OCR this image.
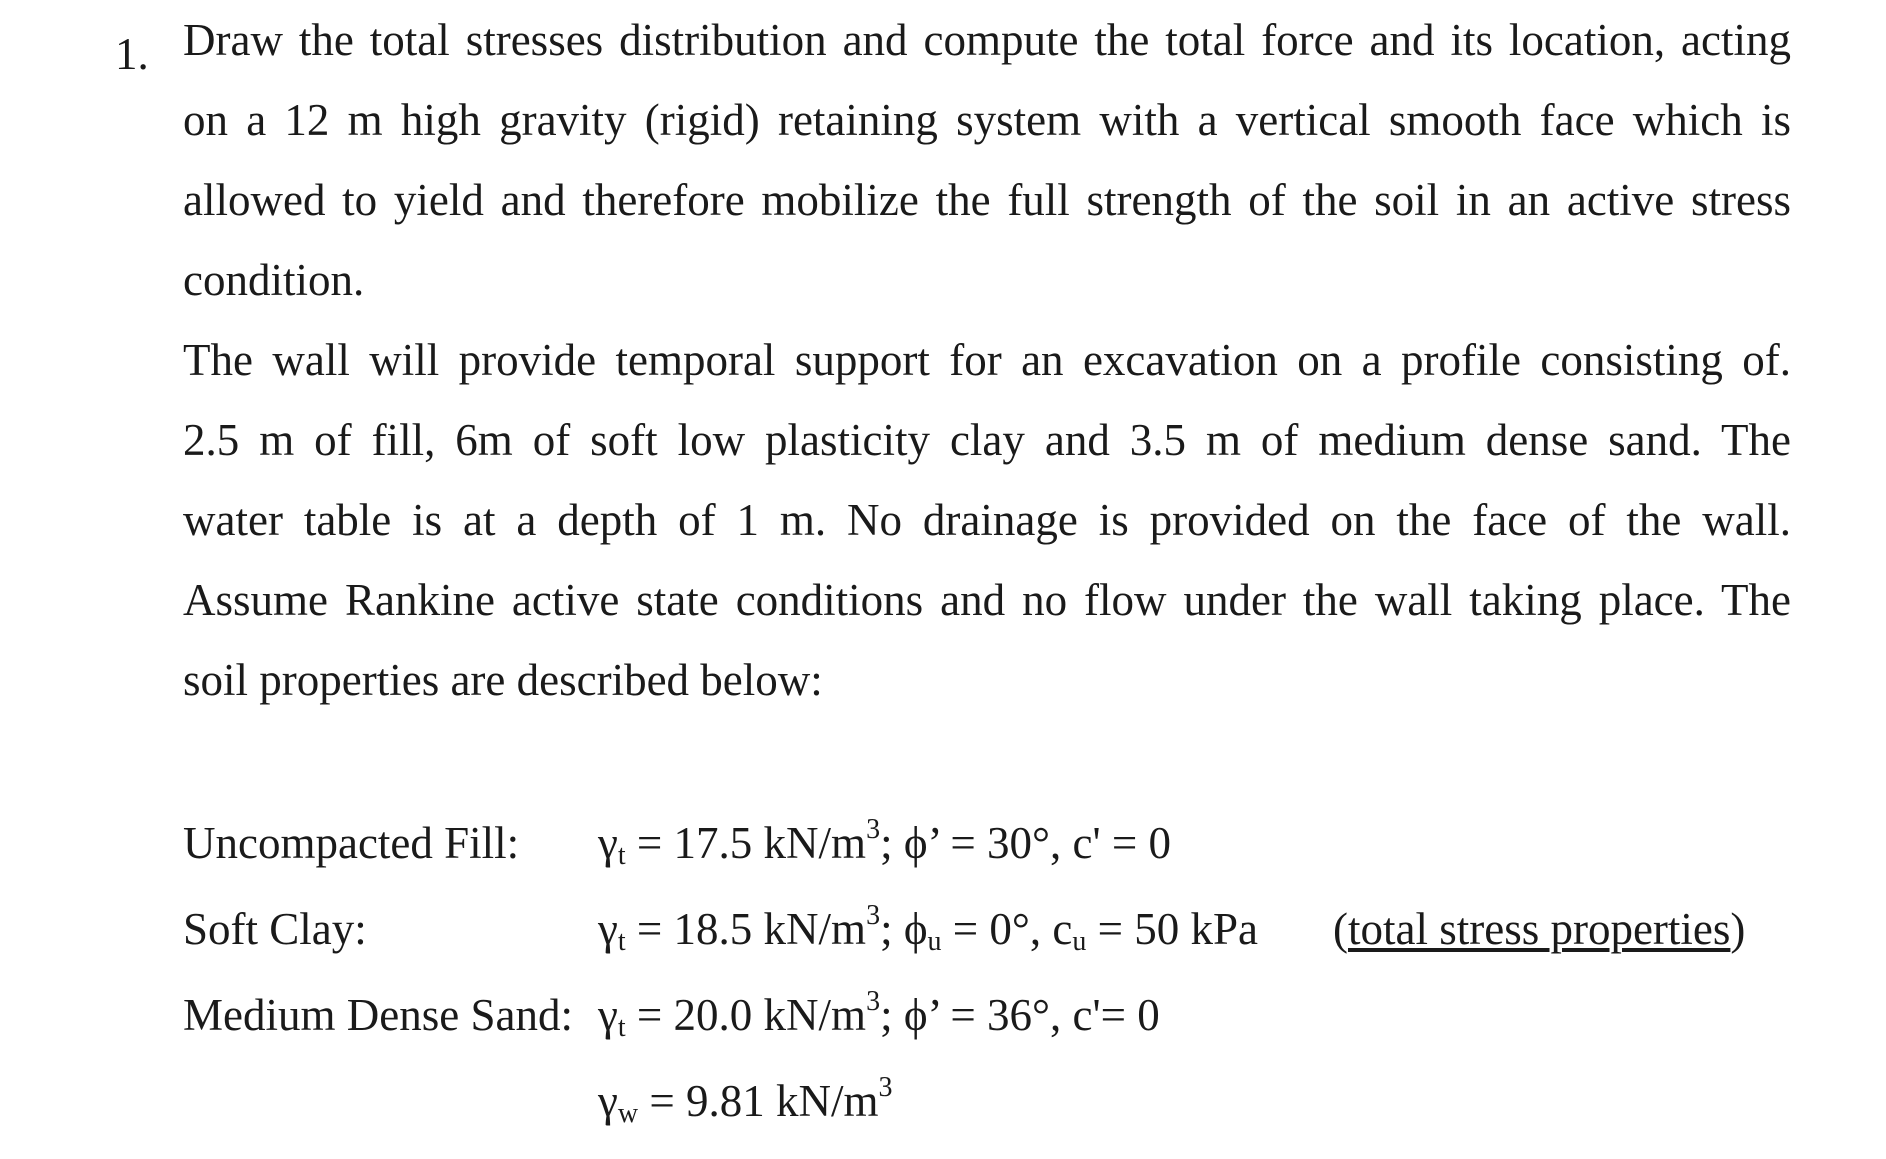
1. Draw the total stresses distribution and compute the total force and its location, acting
on a 12 m high gravity (rigid) retaining system with a vertical smooth face which is
allowed to yield and therefore mobilize the full strength of the soil in an active stress
condition.
The wall will provide temporal support for an excavation on a profile consisting of.
2.5 m of fill, 6m of soft low plasticity clay and 3.5 m of medium dense sand. The
water table is at a depth of 1 m. No drainage is provided on the face of the wall.
Assume Rankine active state conditions and no flow under the wall taking place. The
soil properties are described below:
Uncompacted Fill: $\gamma_t = 17.5$ $kN/m^3$; ϕ’ = 30°, c' = 0
Soft Clay:	$\gamma_t = 18.5$ $kN/m^3$; $\phi_u = 0^\circ$, $c_u = 50$ kPa (total stress properties)
Medium Dense Sand: $\gamma_t = 20.0$ $kN/m^3$; ϕ’ = 36°, c'= 0
$\gamma_w = 9.81$ $kN/m^3$
